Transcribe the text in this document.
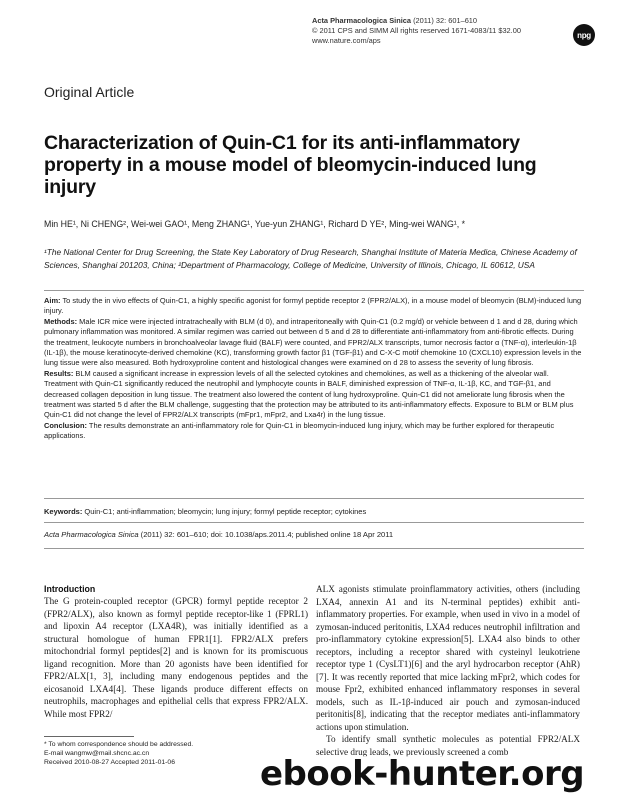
Acta Pharmacologica Sinica (2011) 32: 601–610
© 2011 CPS and SIMM All rights reserved 1671-4083/11 $32.00
www.nature.com/aps
npg
Original Article
Characterization of Quin-C1 for its anti-inflammatory property in a mouse model of bleomycin-induced lung injury
Min HE¹, Ni CHENG², Wei-wei GAO¹, Meng ZHANG¹, Yue-yun ZHANG¹, Richard D YE², Ming-wei WANG¹, *
¹The National Center for Drug Screening, the State Key Laboratory of Drug Research, Shanghai Institute of Materia Medica, Chinese Academy of Sciences, Shanghai 201203, China; ²Department of Pharmacology, College of Medicine, University of Illinois, Chicago, IL 60612, USA

Aim: To study the in vivo effects of Quin-C1, a highly specific agonist for formyl peptide receptor 2 (FPR2/ALX), in a mouse model of bleomycin (BLM)-induced lung injury.

Methods: Male ICR mice were injected intratracheally with BLM (d 0), and intraperitoneally with Quin-C1 (0.2 mg/d) or vehicle between d 1 and d 28, during which pulmonary inflammation was monitored. A similar regimen was carried out between d 5 and d 28 to differentiate anti-inflammatory from anti-fibrotic effects. During the treatment, leukocyte numbers in bronchoalveolar lavage fluid (BALF) were counted, and FPR2/ALX transcripts, tumor necrosis factor α (TNF-α), interleukin-1β (IL-1β), the mouse keratinocyte-derived chemokine (KC), transforming growth factor β1 (TGF-β1) and C-X-C motif chemokine 10 (CXCL10) expression levels in the lung tissue were also measured. Both hydroxyproline content and histological changes were examined on d 28 to assess the severity of lung fibrosis.

Results: BLM caused a significant increase in expression levels of all the selected cytokines and chemokines, as well as a thickening of the alveolar wall. Treatment with Quin-C1 significantly reduced the neutrophil and lymphocyte counts in BALF, diminished expression of TNF-α, IL-1β, KC, and TGF-β1, and decreased collagen deposition in lung tissue. The treatment also lowered the content of lung hydroxyproline. Quin-C1 did not ameliorate lung fibrosis when the treatment was started 5 d after the BLM challenge, suggesting that the protection may be attributed to its anti-inflammatory effects. Exposure to BLM or BLM plus Quin-C1 did not change the level of FPR2/ALX transcripts (mFpr1, mFpr2, and Lxa4r) in the lung tissue.

Conclusion: The results demonstrate an anti-inflammatory role for Quin-C1 in bleomycin-induced lung injury, which may be further explored for therapeutic applications.

Keywords: Quin-C1; anti-inflammation; bleomycin; lung injury; formyl peptide receptor; cytokines
Acta Pharmacologica Sinica (2011) 32: 601–610; doi: 10.1038/aps.2011.4; published online 18 Apr 2011
Introduction
The G protein-coupled receptor (GPCR) formyl peptide receptor 2 (FPR2/ALX), also known as formyl peptide receptor-like 1 (FPRL1) and lipoxin A4 receptor (LXA4R), was initially identified as a structural homologue of human FPR1[1]. FPR2/ALX prefers mitochondrial formyl peptides[2] and is known for its promiscuous ligand recognition. More than 20 agonists have been identified for FPR2/ALX[1, 3], including many endogenous peptides and the eicosanoid LXA4[4]. These ligands produce different effects on neutrophils, macrophages and epithelial cells that express FPR2/ALX. While most FPR2/
ALX agonists stimulate proinflammatory activities, others (including LXA4, annexin A1 and its N-terminal peptides) exhibit anti-inflammatory properties. For example, when used in vivo in a model of zymosan-induced peritonitis, LXA4 reduces neutrophil infiltration and pro-inflammatory cytokine expression[5]. LXA4 also binds to other receptors, including a receptor shared with cysteinyl leukotriene receptor type 1 (CysLT1)[6] and the aryl hydrocarbon receptor (AhR)[7]. It was recently reported that mice lacking mFpr2, which codes for mouse Fpr2, exhibited enhanced inflammatory responses in several models, such as IL-1β-induced air pouch and zymosan-induced peritonitis[8], indicating that the receptor mediates anti-inflammatory actions upon stimulation.
To identify small synthetic molecules as potential FPR2/ALX selective drug leads, we previously screened a comb
* To whom correspondence should be addressed.
E-mail wangmw@mail.shcnc.ac.cn
Received 2010-08-27 Accepted 2011-01-06	ebook-hunter.org
